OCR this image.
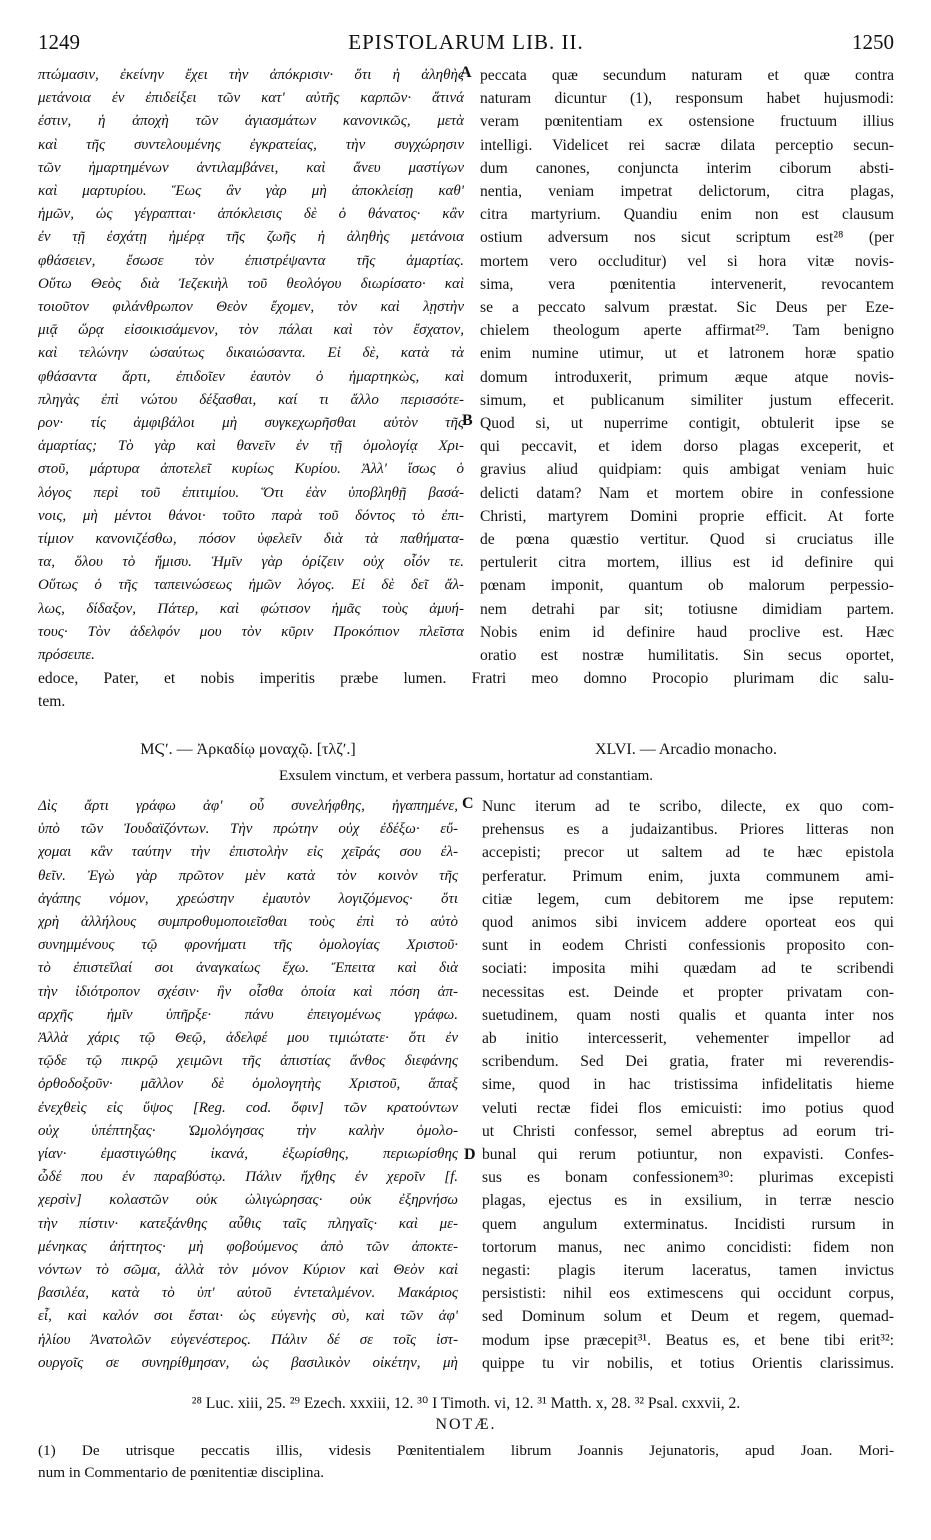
1249	EPISTOLARUM LIB. II.	1250
πτώμασιν, ἐκείνην ἔχει τὴν ἀπόκρισιν· ὅτι ἡ ἀληθὴς
μετάνοια ἐν ἐπιδείξει τῶν κατ' αὐτῆς καρπῶν· ἅτινά
ἐστιν, ἡ ἀποχὴ τῶν ἁγιασμάτων κανονικῶς, μετὰ
καὶ τῆς συντελουμένης ἐγκρατείας, τὴν συγχώρησιν
τῶν ἡμαρτημένων ἀντιλαμβάνει, καὶ ἄνευ μαστίγων
καὶ μαρτυρίου. Ἕως ἂν γὰρ μὴ ἀποκλείσῃ καθ'
ἡμῶν, ὡς γέγραπται· ἀπόκλεισις δὲ ὁ θάνατος· κἂν
ἐν τῇ ἐσχάτῃ ἡμέρᾳ τῆς ζωῆς ἡ ἀληθὴς μετάνοια
φθάσειεν, ἔσωσε τὸν ἐπιστρέψαντα τῆς ἁμαρτίας.
Οὕτω Θεὸς διὰ Ἰεζεκιὴλ τοῦ θεολόγου διωρίσατο· καὶ
τοιοῦτον φιλάνθρωπον Θεὸν ἔχομεν, τὸν καὶ λῃστὴν
μιᾷ ὥρᾳ εἰσοικισάμενον, τὸν πάλαι καὶ τὸν ἔσχατον,
καὶ τελώνην ὡσαύτως δικαιώσαντα. Εἰ δὲ, κατὰ τὰ
φθάσαντα ἄρτι, ἐπιδοῖεν ἑαυτὸν ὁ ἡμαρτηκὼς, καὶ
πληγὰς ἐπὶ νώτου δέξασθαι, καί τι ἄλλο περισσότε-
ρον· τίς ἀμφιβάλοι μὴ συγκεχωρῆσθαι αὐτὸν τῆς
ἁμαρτίας; Τὸ γὰρ καὶ θανεῖν ἐν τῇ ὁμολογίᾳ Χρι-
στοῦ, μάρτυρα ἀποτελεῖ κυρίως Κυρίου. Ἀλλ' ἴσως ὁ
λόγος περὶ τοῦ ἐπιτιμίου. Ὅτι ἐὰν ὑποβληθῇ βασά-
νοις, μὴ μέντοι θάνοι· τοῦτο παρὰ τοῦ δόντος τὸ ἐπι-
τίμιον κανονιζέσθω, πόσον ὑφελεῖν διὰ τὰ παθήματα-
τα, ὅλου τὸ ἥμισυ. Ἡμῖν γὰρ ὁρίζειν οὐχ οἷόν τε.
Οὕτως ὁ τῆς ταπεινώσεως ἡμῶν λόγος. Εἰ δὲ δεῖ ἄλ-
λως, δίδαξον, Πάτερ, καὶ φώτισον ἡμᾶς τοὺς ἀμυή-
τους· Τὸν ἀδελφόν μου τὸν κῦριν Προκόπιον πλεῖστα
πρόσειπε.
peccata quæ secundum naturam et quæ contra
naturam dicuntur (1), responsum habet hujusmodi:
veram pœnitentiam ex ostensione fructuum illius
intelligi. Videlicet rei sacræ dilata perceptio secun-
dum canones, conjuncta interim ciborum absti-
nentia, veniam impetrat delictorum, citra plagas,
citra martyrium. Quandiu enim non est clausum
ostium adversum nos sicut scriptum est²⁸ (per
mortem vero occluditur) vel si hora vitæ novis-
sima, vera pœnitentia intervenerit, revocantem
se a peccato salvum præstat. Sic Deus per Eze-
chielem theologum aperte affirmat²⁹. Tam benigno
enim numine utimur, ut et latronem horæ spatio
domum introduxerit, primum æque atque novis-
simum, et publicanum similiter justum effecerit.
Quod si, ut nuperrime contigit, obtulerit ipse se
qui peccavit, et idem dorso plagas exceperit, et
gravius aliud quidpiam: quis ambigat veniam huic
delicti datam? Nam et mortem obire in confessione
Christi, martyrem Domini proprie efficit. At forte
de pœna quæstio vertitur. Quod si cruciatus ille
pertulerit citra mortem, illius est id definire qui
pœnam imponit, quantum ob malorum perpessio-
nem detrahi par sit; totiusne dimidiam partem.
Nobis enim id definire haud proclive est. Hæc
oratio est nostræ humilitatis. Sin secus oportet,
A
B
C
D
edoce, Pater, et nobis imperitis præbe lumen. Fratri meo domno Procopio plurimam dic salu-
tem.
ΜϚʹ. — Ἀρκαδίῳ μοναχῷ. [τλζʹ.]	XLVI. — Arcadio monacho.
Exsulem vinctum, et verbera passum, hortatur ad constantiam.
Δὶς ἄρτι γράφω ἀφ' οὗ συνελήφθης, ἠγαπημένε,
ὑπὸ τῶν Ἰουδαϊζόντων. Τὴν πρώτην οὐχ ἐδέξω· εὔ-
χομαι κἂν ταύτην τὴν ἐπιστολὴν εἰς χεῖράς σου ἐλ-
θεῖν. Ἐγὼ γὰρ πρῶτον μὲν κατὰ τὸν κοινὸν τῆς
ἀγάπης νόμον, χρεώστην ἐμαυτὸν λογιζόμενος· ὅτι
χρὴ ἀλλήλους συμπροθυμοποιεῖσθαι τοὺς ἐπὶ τὸ αὐτὸ
συνημμένους τῷ φρονήματι τῆς ὁμολογίας Χριστοῦ·
τὸ ἐπιστεῖλαί σοι ἀναγκαίως ἔχω. Ἔπειτα καὶ διὰ
τὴν ἰδιότροπον σχέσιν· ἣν οἶσθα ὁποία καὶ πόση ἀπ-
αρχῆς ἡμῖν ὑπῆρξε· πάνυ ἐπειγομένως γράφω.
Ἀλλὰ χάρις τῷ Θεῷ, ἀδελφέ μου τιμιώτατε· ὅτι ἐν
τῷδε τῷ πικρῷ χειμῶνι τῆς ἀπιστίας ἄνθος διεφάνης
ὀρθοδοξοῦν· μᾶλλον δὲ ὁμολογητὴς Χριστοῦ, ἅπαξ
ἐνεχθεὶς εἰς ὕψος [Reg. cod. ὄφιν] τῶν κρατούντων
οὐχ ὑπέπτηξας· Ὡμολόγησας τὴν καλὴν ὁμολο-
γίαν· ἐμαστιγώθης ἱκανά, ἐξωρίσθης, περιωρίσθης
ὧδέ που ἐν παραβύστῳ. Πάλιν ἤχθης ἐν χεροῖν [f.
χερσὶν] κολαστῶν οὐκ ὠλιγώρησας· οὐκ ἐξηρνήσω
τὴν πίστιν· κατεξάνθης αὖθις ταῖς πληγαῖς· καὶ με-
μένηκας ἀήττητος· μὴ φοβούμενος ἀπὸ τῶν ἀποκτε-
νόντων τὸ σῶμα, ἀλλὰ τὸν μόνον Κύριον καὶ Θεὸν καὶ
βασιλέα, κατὰ τὸ ὑπ' αὐτοῦ ἐντεταλμένον. Μακάριος
εἶ, καὶ καλόν σοι ἔσται· ὡς εὐγενὴς σὺ, καὶ τῶν ἀφ'
ἡλίου Ἀνατολῶν εὐγενέστερος. Πάλιν δέ σε τοῖς ἰστ-
ουργοῖς σε συνηρίθμησαν, ὡς βασιλικὸν οἰκέτην, μὴ
Nunc iterum ad te scribo, dilecte, ex quo com-
prehensus es a judaizantibus. Priores litteras non
accepisti; precor ut saltem ad te hæc epistola
perferatur. Primum enim, juxta communem ami-
citiæ legem, cum debitorem me ipse reputem:
quod animos sibi invicem addere oporteat eos qui
sunt in eodem Christi confessionis proposito con-
sociati: imposita mihi quædam ad te scribendi
necessitas est. Deinde et propter privatam con-
suetudinem, quam nosti qualis et quanta inter nos
ab initio intercesserit, vehementer impellor ad
scribendum. Sed Dei gratia, frater mi reverendis-
sime, quod in hac tristissima infidelitatis hieme
veluti rectæ fidei flos emicuisti: imo potius quod
ut Christi confessor, semel abreptus ad eorum tri-
bunal qui rerum potiuntur, non expavisti. Confes-
sus es bonam confessionem³⁰: plurimas excepisti
plagas, ejectus es in exsilium, in terræ nescio
quem angulum exterminatus. Incidisti rursum in
tortorum manus, nec animo concidisti: fidem non
negasti: plagis iterum laceratus, tamen invictus
persististi: nihil eos extimescens qui occidunt corpus,
sed Dominum solum et Deum et regem, quemad-
modum ipse præcepit³¹. Beatus es, et bene tibi erit³²:
quippe tu vir nobilis, et totius Orientis clarissimus.
²⁸ Luc. xiii, 25. ²⁹ Ezech. xxxiii, 12. ³⁰ I Timoth. vi, 12. ³¹ Matth. x, 28. ³² Psal. cxxvii, 2.
NOTÆ.
(1) De utrisque peccatis illis, videsis Pœnitentialem librum Joannis Jejunatoris, apud Joan. Mori-
num in Commentario de pœnitentiæ disciplina.
